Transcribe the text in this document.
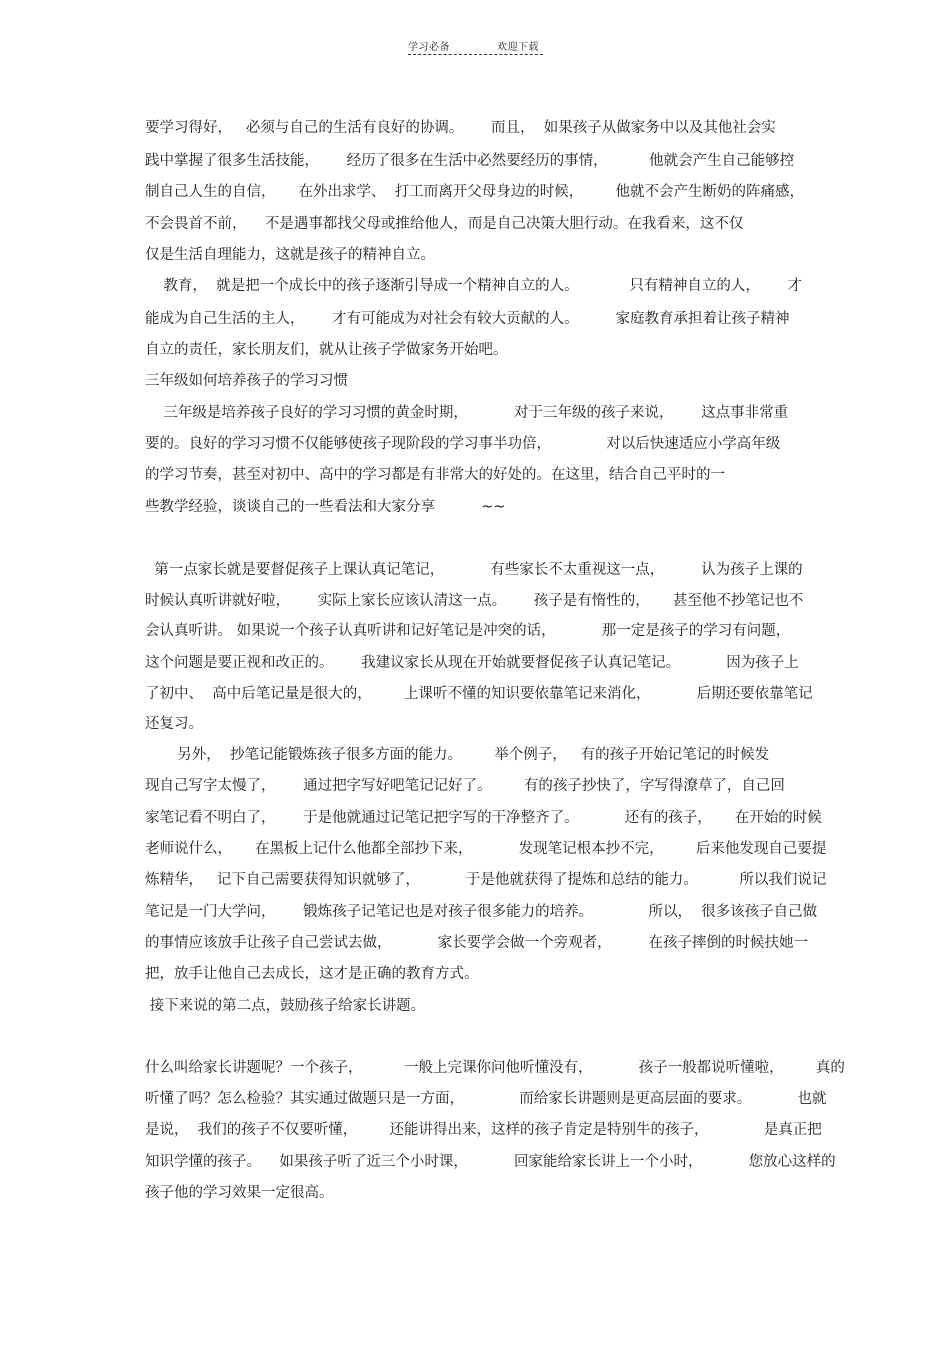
学习必备	欢迎下载
要学习得好，   必须与自己的生活有良好的协调。      而且，  如果孩子从做家务中以及其他社会实
践中掌握了很多生活技能，      经历了很多在生活中必然要经历的事情，         他就会产生自己能够控
制自己人生的自信，     在外出求学、  打工而离开父母身边的时候，       他就不会产生断奶的阵痛感，
不会畏首不前，    不是遇事都找父母或推给他人，而是自己决策大胆行动。在我看来，这不仅
仅是生活自理能力，这就是孩子的精神自立。
教育，  就是把一个成长中的孩子逐渐引导成一个精神自立的人。           只有精神自立的人，      才
能成为自己生活的主人，      才有可能成为对社会有较大贡献的人。        家庭教育承担着让孩子精神
自立的责任，家长朋友们，就从让孩子学做家务开始吧。
三年级如何培养孩子的学习习惯
三年级是培养孩子良好的学习习惯的黄金时期，          对于三年级的孩子来说，      这点事非常重
要的。良好的学习习惯不仅能够使孩子现阶段的学习事半功倍，            对以后快速适应小学高年级
的学习节奏，甚至对初中、高中的学习都是有非常大的好处的。在这里，结合自己平时的一
些教学经验，谈谈自己的一些看法和大家分享          ~~
第一点家长就是要督促孩子上课认真记笔记，          有些家长不太重视这一点，        认为孩子上课的
时候认真听讲就好啦，      实际上家长应该认清这一点。      孩子是有惰性的，     甚至他不抄笔记也不
会认真听讲。 如果说一个孩子认真听讲和记好笔记是冲突的话，          那一定是孩子的学习有问题，
这个问题是要正视和改正的。      我建议家长从现在开始就要督促孩子认真记笔记。          因为孩子上
了初中、  高中后笔记量是很大的，       上课听不懂的知识要依靠笔记来消化，          后期还要依靠笔记
还复习。
另外，  抄笔记能锻炼孩子很多方面的能力。       举个例子，   有的孩子开始记笔记的时候发
现自己写字太慢了，      通过把字写好吧笔记记好了。       有的孩子抄快了，字写得潦草了，自己回
家笔记看不明白了，      于是他就通过记笔记把字写的干净整齐了。          还有的孩子，     在开始的时候
老师说什么，     在黑板上记什么他都全部抄下来，          发现笔记根本抄不完，       后来他发现自己要提
炼精华，   记下自己需要获得知识就够了，          于是他就获得了提炼和总结的能力。         所以我们说记
笔记是一门大学问，      锻炼孩子记笔记也是对孩子很多能力的培养。            所以，  很多该孩子自己做
的事情应该放手让孩子自己尝试去做，          家长要学会做一个旁观者，        在孩子摔倒的时候扶她一
把，放手让他自己去成长，这才是正确的教育方式。
接下来说的第二点，鼓励孩子给家长讲题。
什么叫给家长讲题呢？一个孩子，         一般上完课你问他听懂没有，          孩子一般都说听懂啦，       真的
听懂了吗？怎么检验？其实通过做题只是一方面，            而给家长讲题则是更高层面的要求。          也就
是说，  我们的孩子不仅要听懂，       还能讲得出来，这样的孩子肯定是特别牛的孩子，            是真正把
知识学懂的孩子。    如果孩子听了近三个小时课，          回家能给家长讲上一个小时，          您放心这样的
孩子他的学习效果一定很高。
